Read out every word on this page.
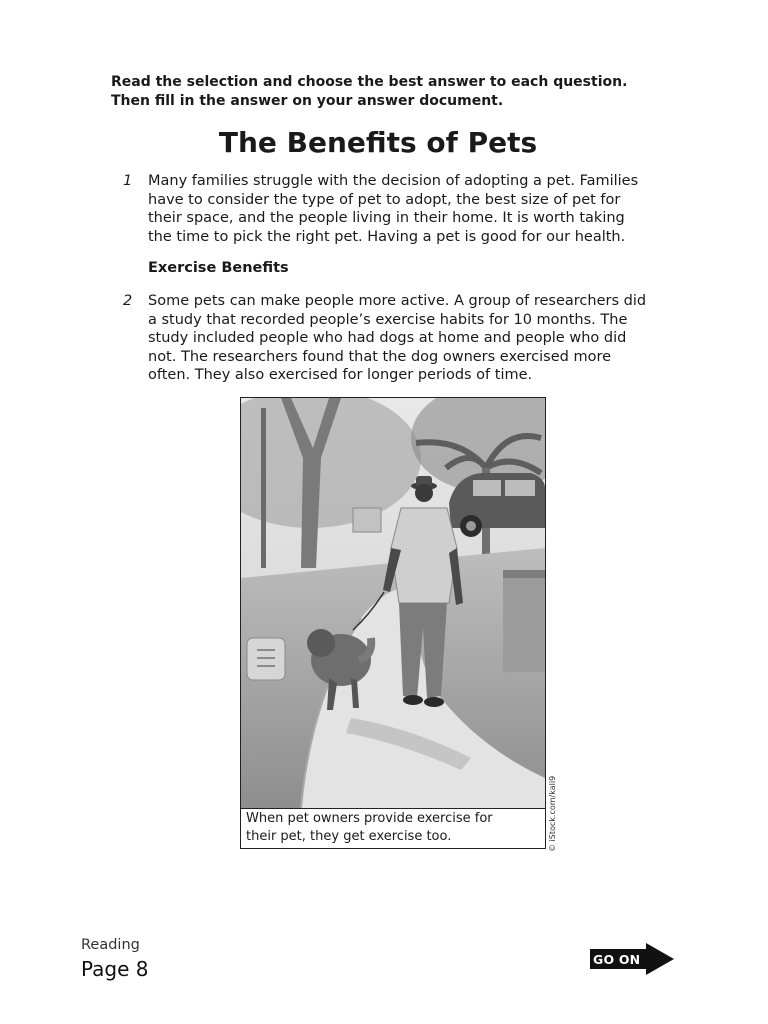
Read the selection and choose the best answer to each question.
Then fill in the answer on your answer document.
The Benefits of Pets
1 Many families struggle with the decision of adopting a pet. Families
have to consider the type of pet to adopt, the best size of pet for
their space, and the people living in their home. It is worth taking
the time to pick the right pet. Having a pet is good for our health.
Exercise Benefits
2 Some pets can make people more active. A group of researchers did
a study that recorded people’s exercise habits for 10 months. The
study included people who had dogs at home and people who did
not. The researchers found that the dog owners exercised more
often. They also exercised for longer periods of time.
When pet owners provide exercise for
their pet, they get exercise too.	© iStock.com/kali9
Reading
Page 8	GO ON
